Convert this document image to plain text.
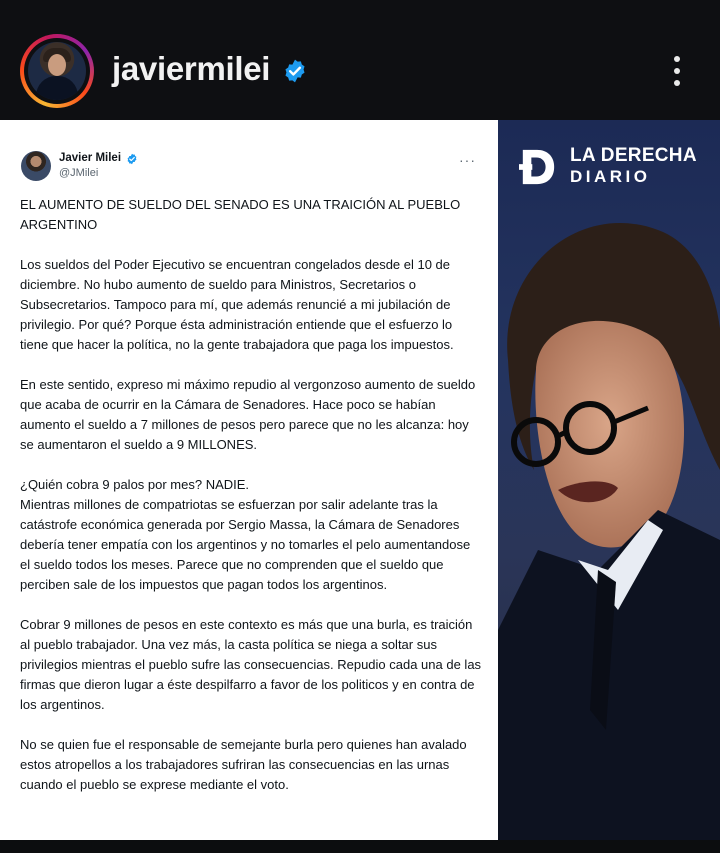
javiermilei
Javier Milei
@JMilei
···

EL AUMENTO DE SUELDO DEL SENADO ES UNA TRAICIÓN AL PUEBLO ARGENTINO

Los sueldos del Poder Ejecutivo se encuentran congelados desde el 10 de diciembre. No hubo aumento de sueldo para Ministros, Secretarios o Subsecretarios. Tampoco para mí, que además renuncié a mi jubilación de privilegio. Por qué? Porque ésta administración entiende que el esfuerzo lo tiene que hacer la política, no la gente trabajadora que paga los impuestos.

En este sentido, expreso mi máximo repudio al vergonzoso aumento de sueldo que acaba de ocurrir en la Cámara de Senadores. Hace poco se habían aumento el sueldo a 7 millones de pesos pero parece que no les alcanza: hoy se aumentaron el sueldo a 9 MILLONES.

¿Quién cobra 9 palos por mes? NADIE.
Mientras millones de compatriotas se esfuerzan por salir adelante tras la catástrofe económica generada por Sergio Massa, la Cámara de Senadores debería tener empatía con los argentinos y no tomarles el pelo aumentandose el sueldo todos los meses. Parece que no comprenden que el sueldo que perciben sale de los impuestos que pagan todos los argentinos.

Cobrar 9 millones de pesos en este contexto es más que una burla, es traición al pueblo trabajador. Una vez más, la casta política se niega a soltar sus privilegios mientras el pueblo sufre las consecuencias. Repudio cada una de las firmas que dieron lugar a éste despilfarro a favor de los politicos y en contra de los argentinos.

No se quien fue el responsable de semejante burla pero quienes han avalado estos atropellos a los trabajadores sufriran las consecuencias en las urnas cuando el pueblo se exprese mediante el voto.

LA DERECHA
DIARIO
